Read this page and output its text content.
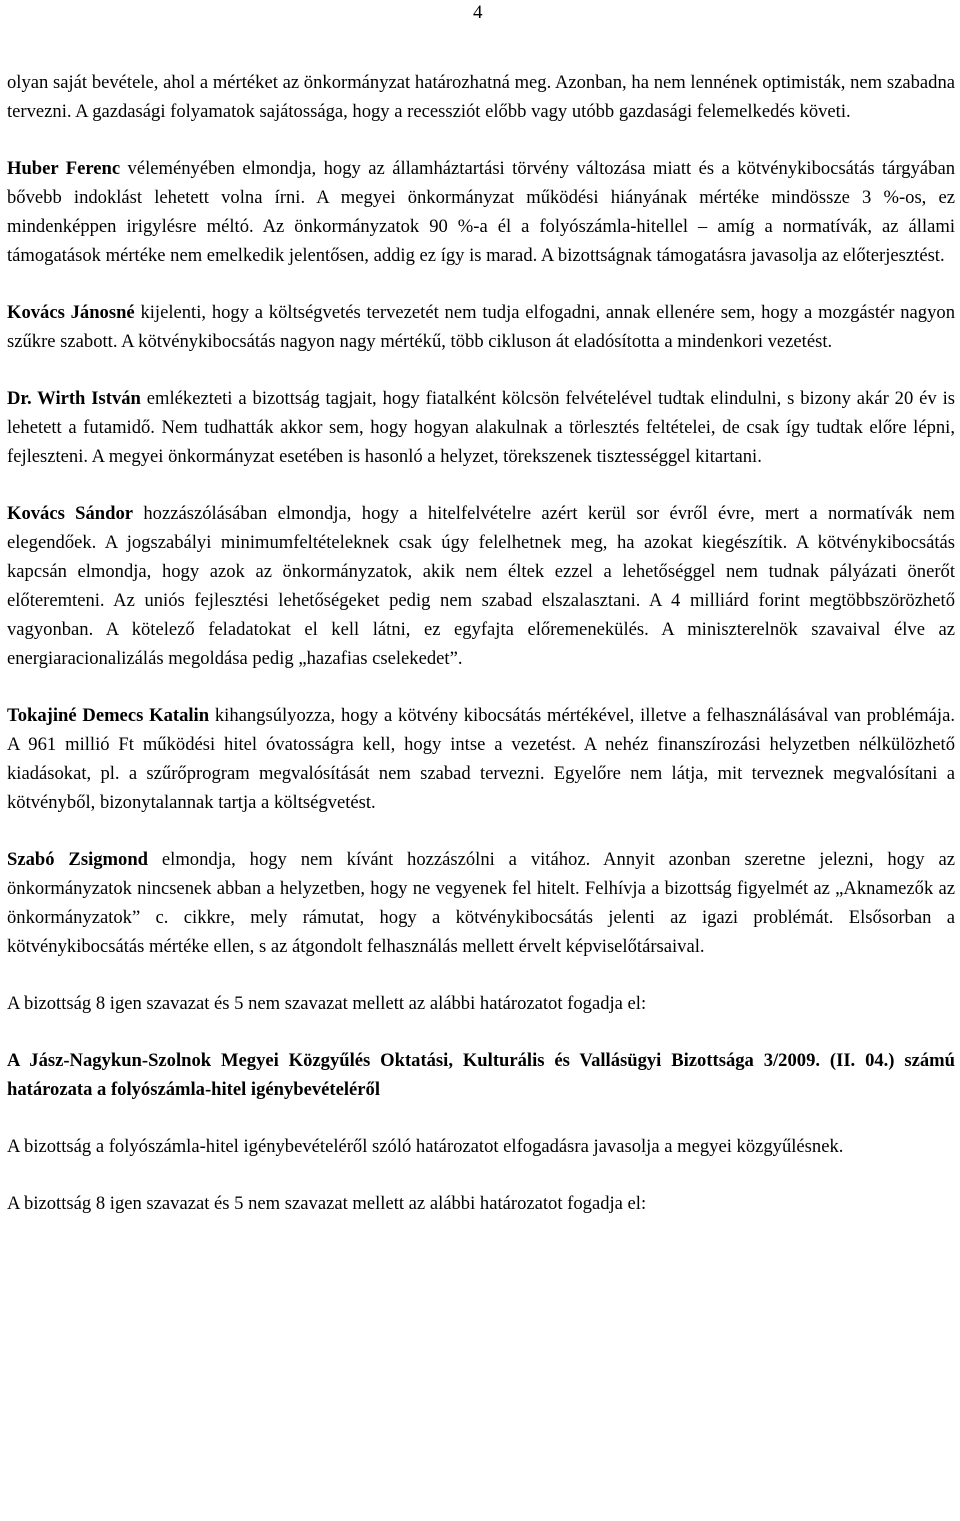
4

olyan saját bevétele, ahol a mértéket az önkormányzat határozhatná meg. Azonban, ha nem lennének optimisták, nem szabadna tervezni. A gazdasági folyamatok sajátossága, hogy a recessziót előbb vagy utóbb gazdasági felemelkedés követi.

Huber Ferenc véleményében elmondja, hogy az államháztartási törvény változása miatt és a kötvénykibocsátás tárgyában bővebb indoklást lehetett volna írni. A megyei önkormányzat működési hiányának mértéke mindössze 3 %-os, ez mindenképpen irigylésre méltó. Az önkormányzatok 90 %-a él a folyószámla-hitellel – amíg a normatívák, az állami támogatások mértéke nem emelkedik jelentősen, addig ez így is marad. A bizottságnak támogatásra javasolja az előterjesztést.

Kovács Jánosné kijelenti, hogy a költségvetés tervezetét nem tudja elfogadni, annak ellenére sem, hogy a mozgástér nagyon szűkre szabott. A kötvénykibocsátás nagyon nagy mértékű, több cikluson át eladósította a mindenkori vezetést.

Dr. Wirth István emlékezteti a bizottság tagjait, hogy fiatalként kölcsön felvételével tudtak elindulni, s bizony akár 20 év is lehetett a futamidő. Nem tudhatták akkor sem, hogy hogyan alakulnak a törlesztés feltételei, de csak így tudtak előre lépni, fejleszteni. A megyei önkormányzat esetében is hasonló a helyzet, törekszenek tisztességgel kitartani.

Kovács Sándor hozzászólásában elmondja, hogy a hitelfelvételre azért kerül sor évről évre, mert a normatívák nem elegendőek. A jogszabályi minimumfeltételeknek csak úgy felelhetnek meg, ha azokat kiegészítik. A kötvénykibocsátás kapcsán elmondja, hogy azok az önkormányzatok, akik nem éltek ezzel a lehetőséggel nem tudnak pályázati önerőt előteremteni. Az uniós fejlesztési lehetőségeket pedig nem szabad elszalasztani. A 4 milliárd forint megtöbbszörözhető vagyonban. A kötelező feladatokat el kell látni, ez egyfajta előremenekülés. A miniszterelnök szavaival élve az energiaracionalizálás megoldása pedig „hazafias cselekedet”.

Tokajiné Demecs Katalin kihangsúlyozza, hogy a kötvény kibocsátás mértékével, illetve a felhasználásával van problémája. A 961 millió Ft működési hitel óvatosságra kell, hogy intse a vezetést. A nehéz finanszírozási helyzetben nélkülözhető kiadásokat, pl. a szűrőprogram megvalósítását nem szabad tervezni. Egyelőre nem látja, mit terveznek megvalósítani a kötvényből, bizonytalannak tartja a költségvetést.

Szabó Zsigmond elmondja, hogy nem kívánt hozzászólni a vitához. Annyit azonban szeretne jelezni, hogy az önkormányzatok nincsenek abban a helyzetben, hogy ne vegyenek fel hitelt. Felhívja a bizottság figyelmét az „Aknamezők az önkormányzatok” c. cikkre, mely rámutat, hogy a kötvénykibocsátás jelenti az igazi problémát. Elsősorban a kötvénykibocsátás mértéke ellen, s az átgondolt felhasználás mellett érvelt képviselőtársaival.

A bizottság 8 igen szavazat és 5 nem szavazat mellett az alábbi határozatot fogadja el:

A Jász-Nagykun-Szolnok Megyei Közgyűlés Oktatási, Kulturális és Vallásügyi Bizottsága 3/2009. (II. 04.) számú határozata a folyószámla-hitel igénybevételéről

A bizottság a folyószámla-hitel igénybevételéről szóló határozatot elfogadásra javasolja a megyei közgyűlésnek.

A bizottság 8 igen szavazat és 5 nem szavazat mellett az alábbi határozatot fogadja el:
